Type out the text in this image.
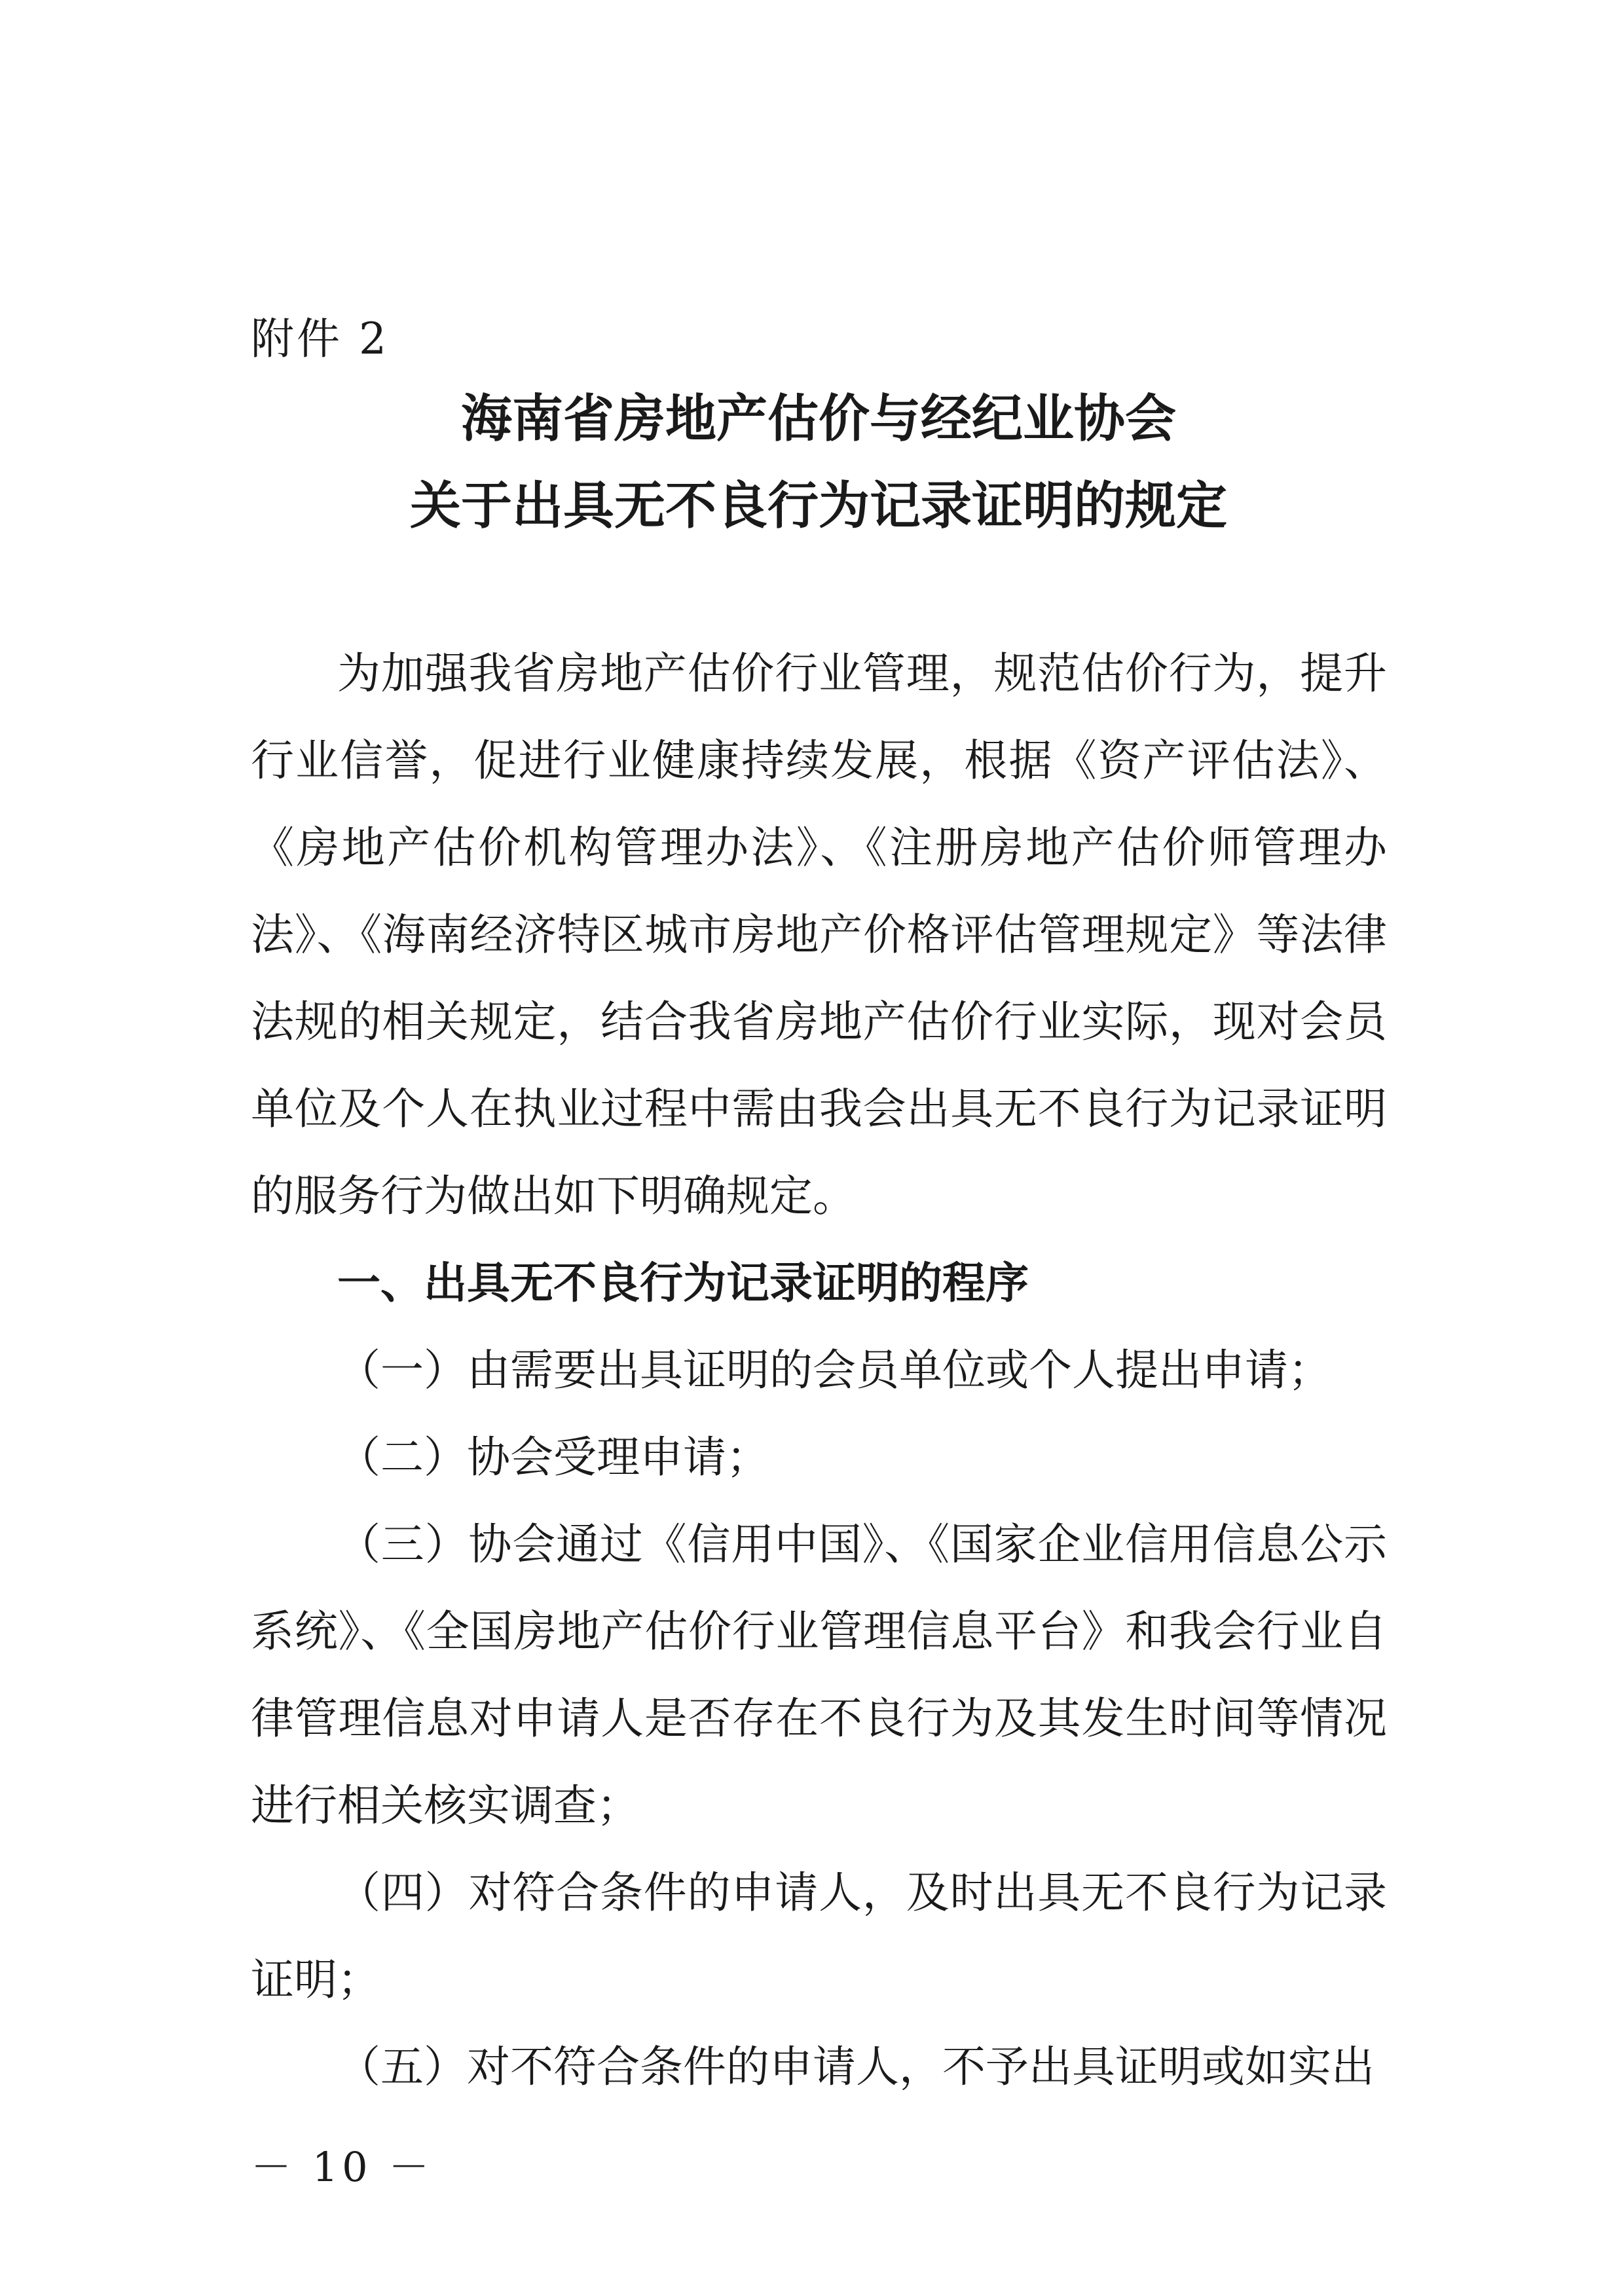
附件 2
海南省房地产估价与经纪业协会
关于出具无不良行为记录证明的规定

为加强我省房地产估价行业管理，规范估价行为，提升行业信誉，促进行业健康持续发展，根据《资产评估法》、《房地产估价机构管理办法》、《注册房地产估价师管理办法》、《海南经济特区城市房地产价格评估管理规定》等法律法规的相关规定，结合我省房地产估价行业实际，现对会员单位及个人在执业过程中需由我会出具无不良行为记录证明的服务行为做出如下明确规定。

一、出具无不良行为记录证明的程序

（一）由需要出具证明的会员单位或个人提出申请；

（二）协会受理申请；

（三）协会通过《信用中国》、《国家企业信用信息公示系统》、《全国房地产估价行业管理信息平台》和我会行业自律管理信息对申请人是否存在不良行为及其发生时间等情况进行相关核实调查；

（四）对符合条件的申请人，及时出具无不良行为记录证明；

（五）对不符合条件的申请人，不予出具证明或如实出

－ 10 －
